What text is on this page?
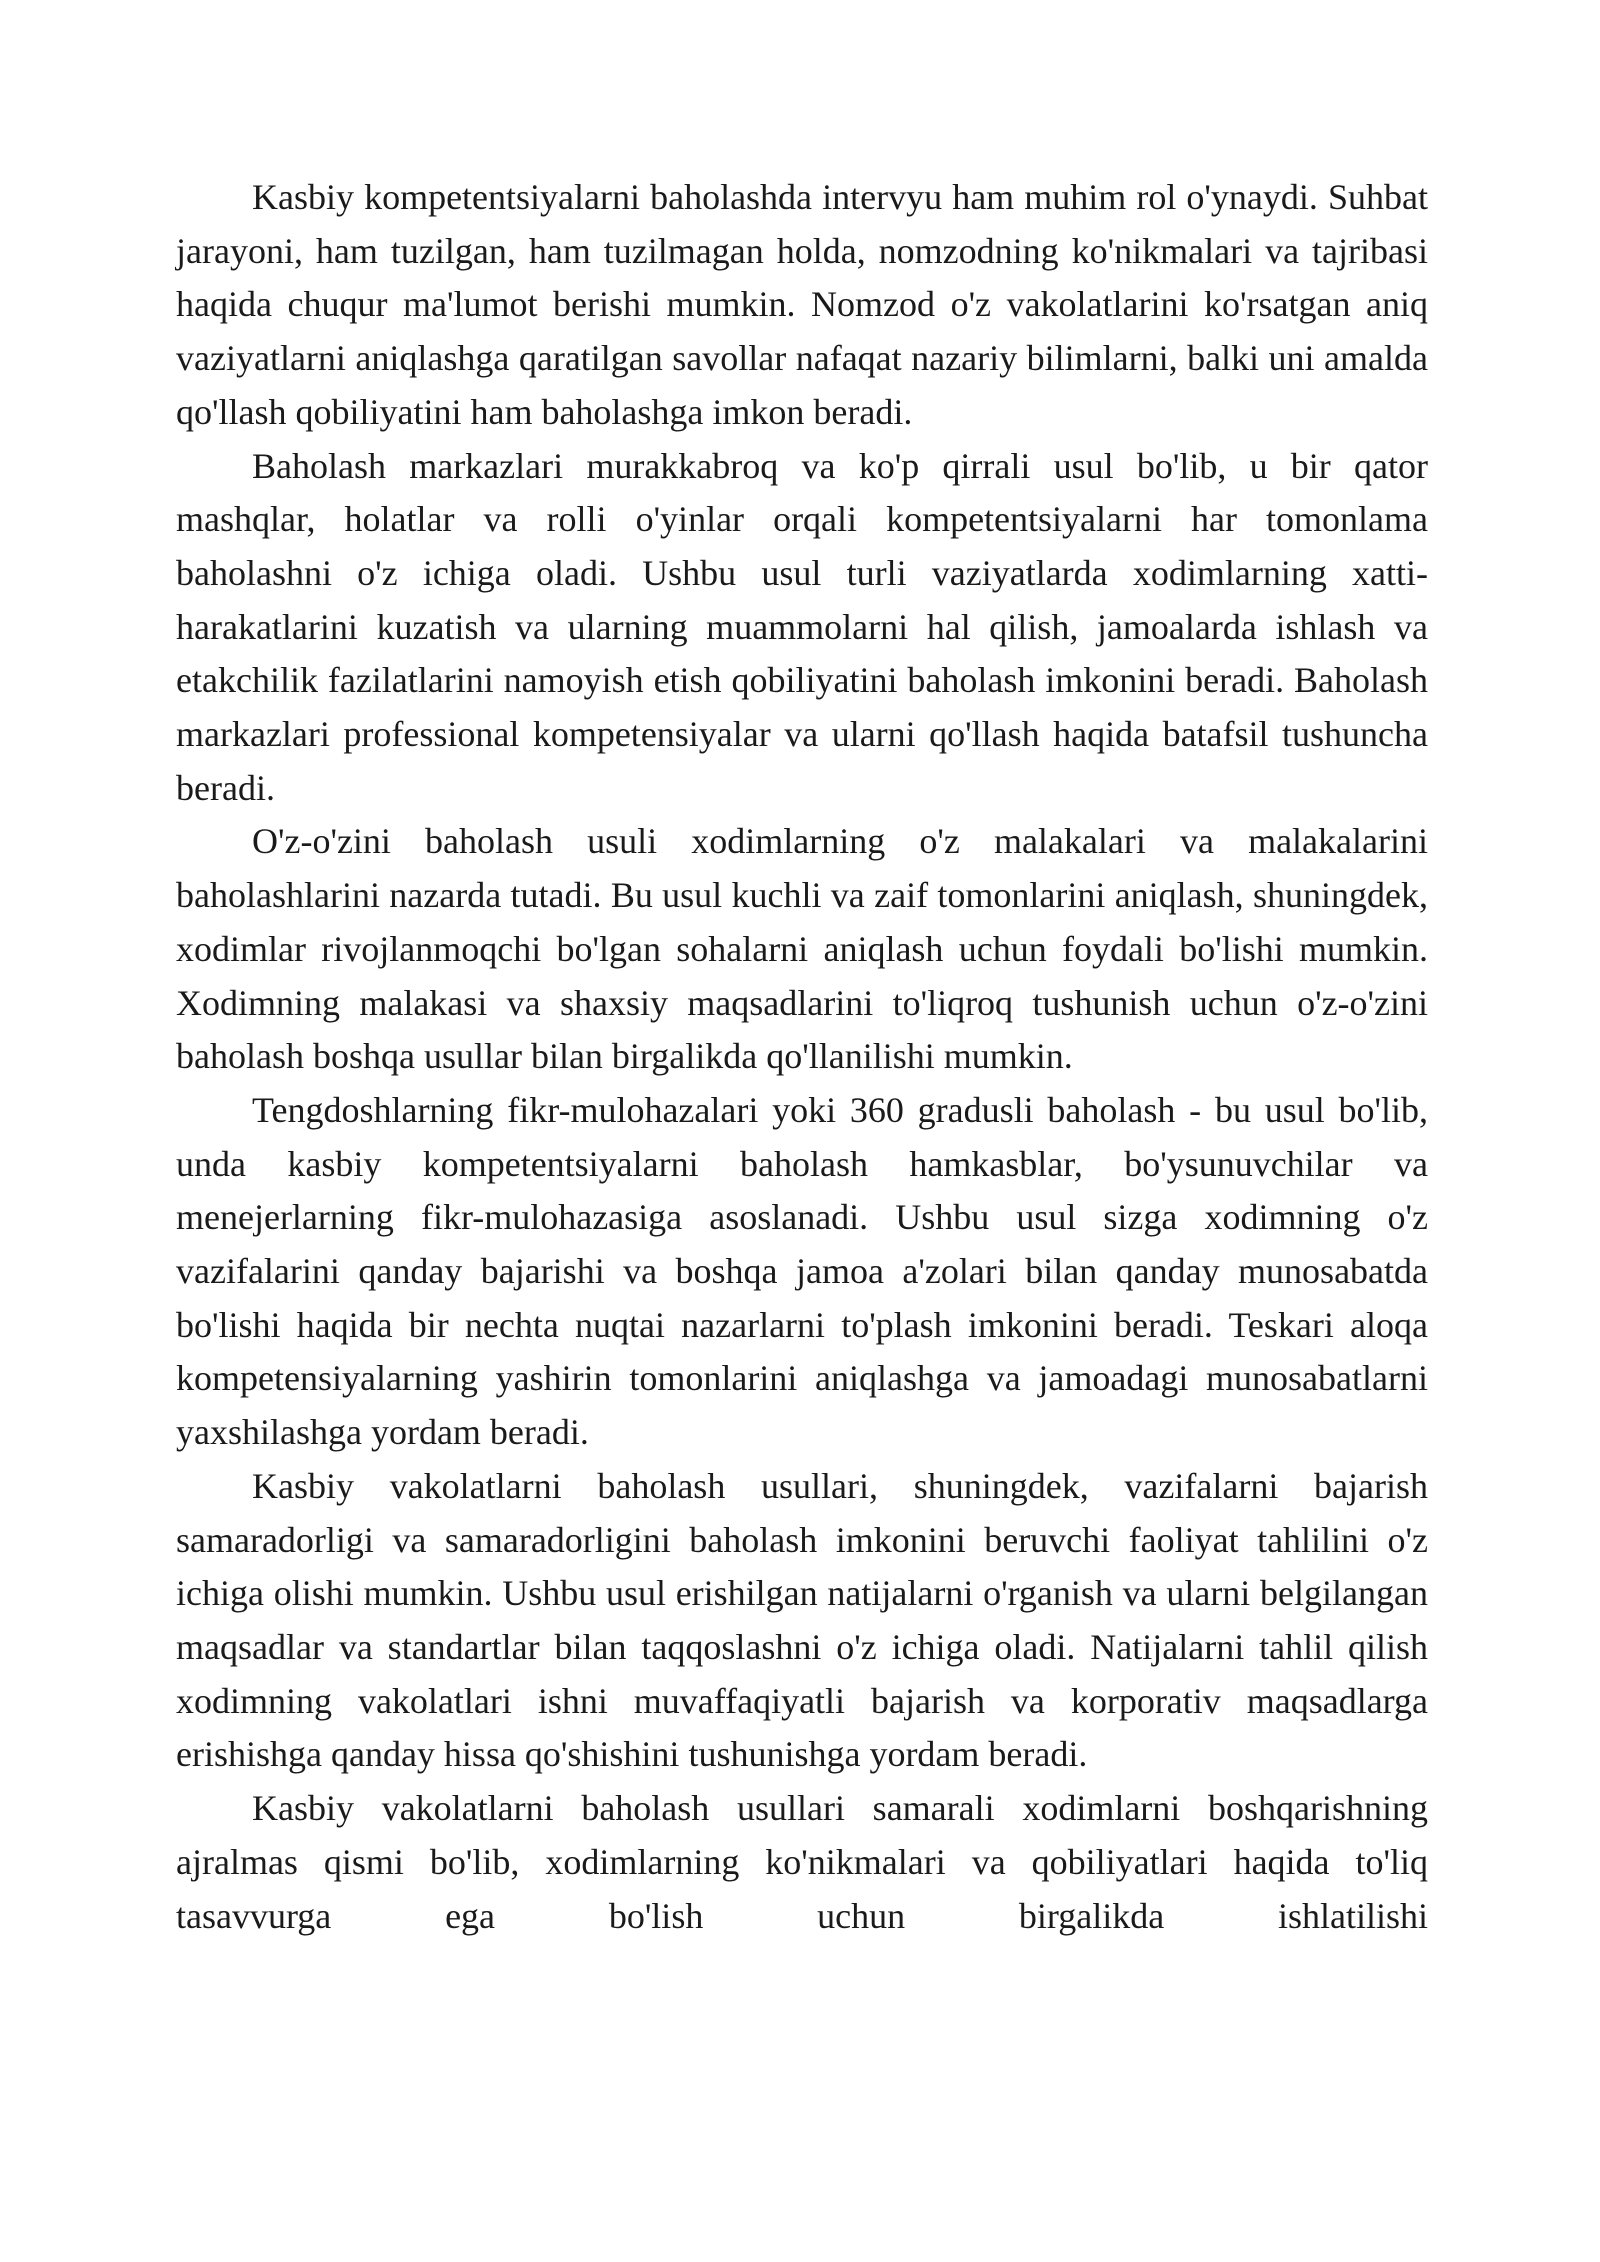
Kasbiy kompetentsiyalarni baholashda intervyu ham muhim rol o'ynaydi. Suhbat jarayoni, ham tuzilgan, ham tuzilmagan holda, nomzodning ko'nikmalari va tajribasi haqida chuqur ma'lumot berishi mumkin. Nomzod o'z vakolatlarini ko'rsatgan aniq vaziyatlarni aniqlashga qaratilgan savollar nafaqat nazariy bilimlarni, balki uni amalda qo'llash qobiliyatini ham baholashga imkon beradi.

Baholash markazlari murakkabroq va ko'p qirrali usul bo'lib, u bir qator mashqlar, holatlar va rolli o'yinlar orqali kompetentsiyalarni har tomonlama baholashni o'z ichiga oladi. Ushbu usul turli vaziyatlarda xodimlarning xatti-harakatlarini kuzatish va ularning muammolarni hal qilish, jamoalarda ishlash va etakchilik fazilatlarini namoyish etish qobiliyatini baholash imkonini beradi. Baholash markazlari professional kompetensiyalar va ularni qo'llash haqida batafsil tushuncha beradi.

O'z-o'zini baholash usuli xodimlarning o'z malakalari va malakalarini baholashlarini nazarda tutadi. Bu usul kuchli va zaif tomonlarini aniqlash, shuningdek, xodimlar rivojlanmoqchi bo'lgan sohalarni aniqlash uchun foydali bo'lishi mumkin. Xodimning malakasi va shaxsiy maqsadlarini to'liqroq tushunish uchun o'z-o'zini baholash boshqa usullar bilan birgalikda qo'llanilishi mumkin.

Tengdoshlarning fikr-mulohazalari yoki 360 gradusli baholash - bu usul bo'lib, unda kasbiy kompetentsiyalarni baholash hamkasblar, bo'ysunuvchilar va menejerlarning fikr-mulohazasiga asoslanadi. Ushbu usul sizga xodimning o'z vazifalarini qanday bajarishi va boshqa jamoa a'zolari bilan qanday munosabatda bo'lishi haqida bir nechta nuqtai nazarlarni to'plash imkonini beradi. Teskari aloqa kompetensiyalarning yashirin tomonlarini aniqlashga va jamoadagi munosabatlarni yaxshilashga yordam beradi.

Kasbiy vakolatlarni baholash usullari, shuningdek, vazifalarni bajarish samaradorligi va samaradorligini baholash imkonini beruvchi faoliyat tahlilini o'z ichiga olishi mumkin. Ushbu usul erishilgan natijalarni o'rganish va ularni belgilangan maqsadlar va standartlar bilan taqqoslashni o'z ichiga oladi. Natijalarni tahlil qilish xodimning vakolatlari ishni muvaffaqiyatli bajarish va korporativ maqsadlarga erishishga qanday hissa qo'shishini tushunishga yordam beradi.

Kasbiy vakolatlarni baholash usullari samarali xodimlarni boshqarishning ajralmas qismi bo'lib, xodimlarning ko'nikmalari va qobiliyatlari haqida to'liq tasavvurga ega bo'lish uchun birgalikda ishlatilishi
